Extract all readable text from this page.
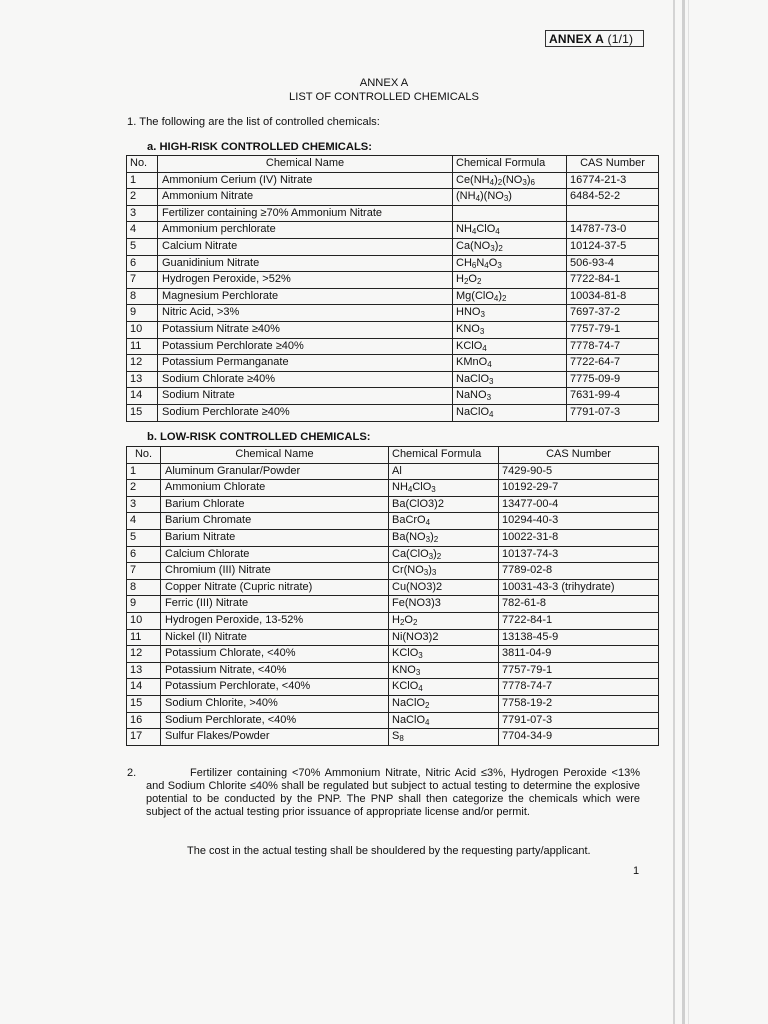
ANNEX A (1/1)
ANNEX A
LIST OF CONTROLLED CHEMICALS
1. The following are the list of controlled chemicals:
a. HIGH-RISK CONTROLLED CHEMICALS:
No.	Chemical Name	Chemical Formula	CAS Number
1	Ammonium Cerium (IV) Nitrate	$Ce(NH_4)_2(NO_3)_6$	16774-21-3
2	Ammonium Nitrate	$(NH_4)(NO_3)$	6484-52-2
3	Fertilizer containing ≥70% Ammonium Nitrate		
4	Ammonium perchlorate	$NH_4ClO_4$	14787-73-0
5	Calcium Nitrate	$Ca(NO_3)_2$	10124-37-5
6	Guanidinium Nitrate	$CH_6N_4O_3$	506-93-4
7	Hydrogen Peroxide, >52%	$H_2O_2$	7722-84-1
8	Magnesium Perchlorate	$Mg(ClO_4)_2$	10034-81-8
9	Nitric Acid, >3%	$HNO_3$	7697-37-2
10	Potassium Nitrate ≥40%	$KNO_3$	7757-79-1
11	Potassium Perchlorate ≥40%	KClO$_4$	7778-74-7
12	Potassium Permanganate	KMnO$_4$	7722-64-7
13	Sodium Chlorate ≥40%	NaClO$_3$	7775-09-9
14	Sodium Nitrate	NaNO$_3$	7631-99-4
15	Sodium Perchlorate ≥40%	NaClO$_4$	7791-07-3
b. LOW-RISK CONTROLLED CHEMICALS:
No.	Chemical Name	Chemical Formula	CAS Number
1	Aluminum Granular/Powder	Al	7429-90-5
2	Ammonium Chlorate	$NH_4ClO_3$	10192-29-7
3	Barium Chlorate	Ba(ClO3)2	13477-00-4
4	Barium Chromate	BaCrO$_4$	10294-40-3
5	Barium Nitrate	$Ba(NO_3)_2$	10022-31-8
6	Calcium Chlorate	$Ca(ClO_3)_2$	10137-74-3
7	Chromium (III) Nitrate	$Cr(NO_3)_3$	7789-02-8
8	Copper Nitrate (Cupric nitrate)	Cu(NO3)2	10031-43-3 (trihydrate)
9	Ferric (III) Nitrate	Fe(NO3)3	782-61-8
10	Hydrogen Peroxide, 13-52%	$H_2O_2$	7722-84-1
11	Nickel (II) Nitrate	Ni(NO3)2	13138-45-9
12	Potassium Chlorate, <40%	KClO$_3$	3811-04-9
13	Potassium Nitrate, <40%	$KNO_3$	7757-79-1
14	Potassium Perchlorate, <40%	KClO$_4$	7778-74-7
15	Sodium Chlorite, >40%	NaClO$_2$	7758-19-2
16	Sodium Perchlorate, <40%	NaClO$_4$	7791-07-3
17	Sulfur Flakes/Powder	$S_8$	7704-34-9
2.	Fertilizer containing <70% Ammonium Nitrate, Nitric Acid ≤3%, Hydrogen Peroxide <13% and Sodium Chlorite ≤40% shall be regulated but subject to actual testing to determine the explosive potential to be conducted by the PNP. The PNP shall then categorize the chemicals which were subject of the actual testing prior issuance of appropriate license and/or permit.
The cost in the actual testing shall be shouldered by the requesting party/applicant.
1
